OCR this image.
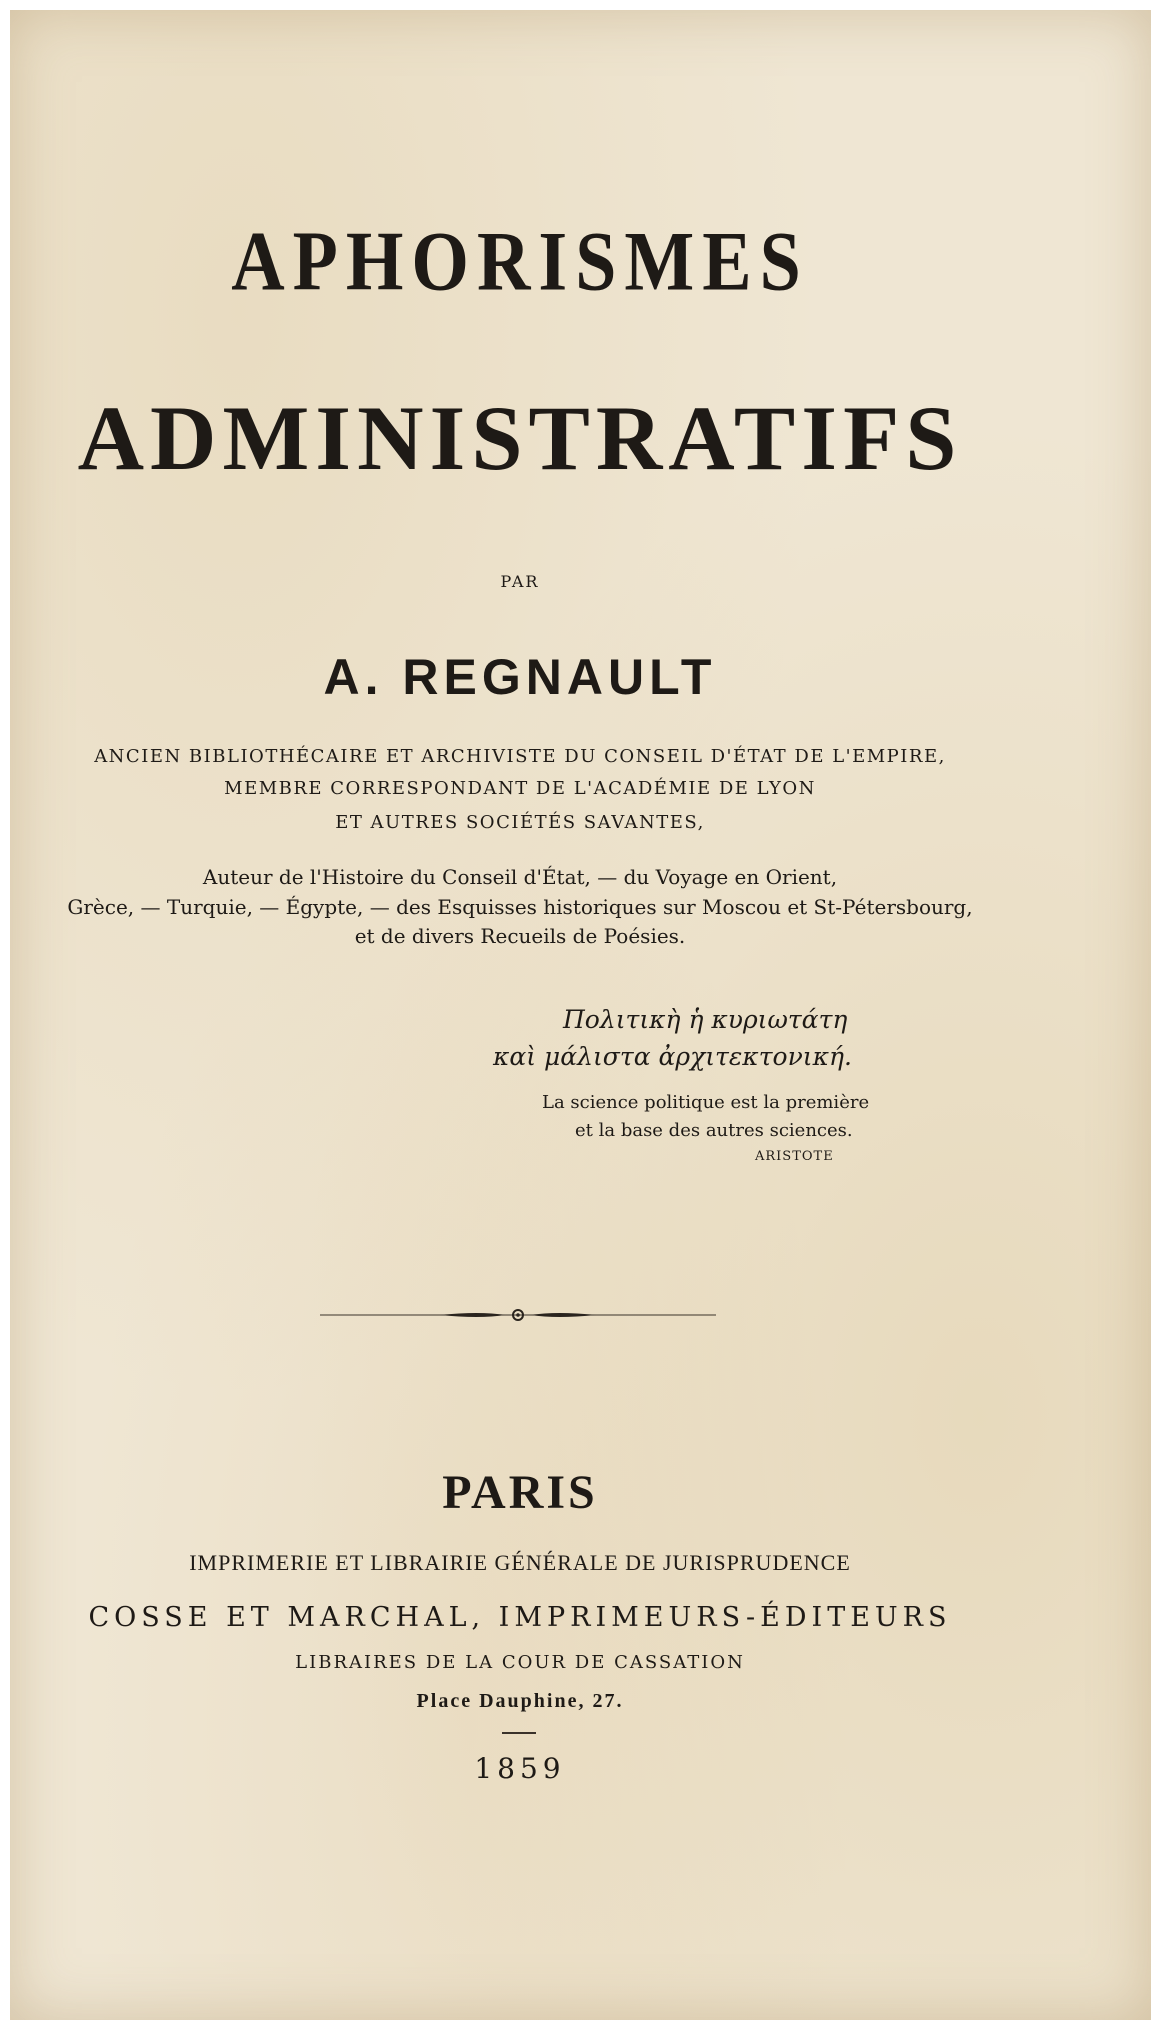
APHORISMES
ADMINISTRATIFS
PAR
A. REGNAULT
ANCIEN BIBLIOTHÉCAIRE ET ARCHIVISTE DU CONSEIL D'ÉTAT DE L'EMPIRE,
MEMBRE CORRESPONDANT DE L'ACADÉMIE DE LYON
ET AUTRES SOCIÉTÉS SAVANTES,
Auteur de l'Histoire du Conseil d'État, — du Voyage en Orient,
Grèce, — Turquie, — Égypte, — des Esquisses historiques sur Moscou et St-Pétersbourg,
et de divers Recueils de Poésies.
Πολιτικὴ ἡ κυριωτάτη
καὶ μάλιστα ἀρχιτεκτονική.
La science politique est la première
et la base des autres sciences.
ARISTOTE
PARIS
IMPRIMERIE ET LIBRAIRIE GÉNÉRALE DE JURISPRUDENCE
COSSE ET MARCHAL, IMPRIMEURS-ÉDITEURS
LIBRAIRES DE LA COUR DE CASSATION
Place Dauphine, 27.
1859
